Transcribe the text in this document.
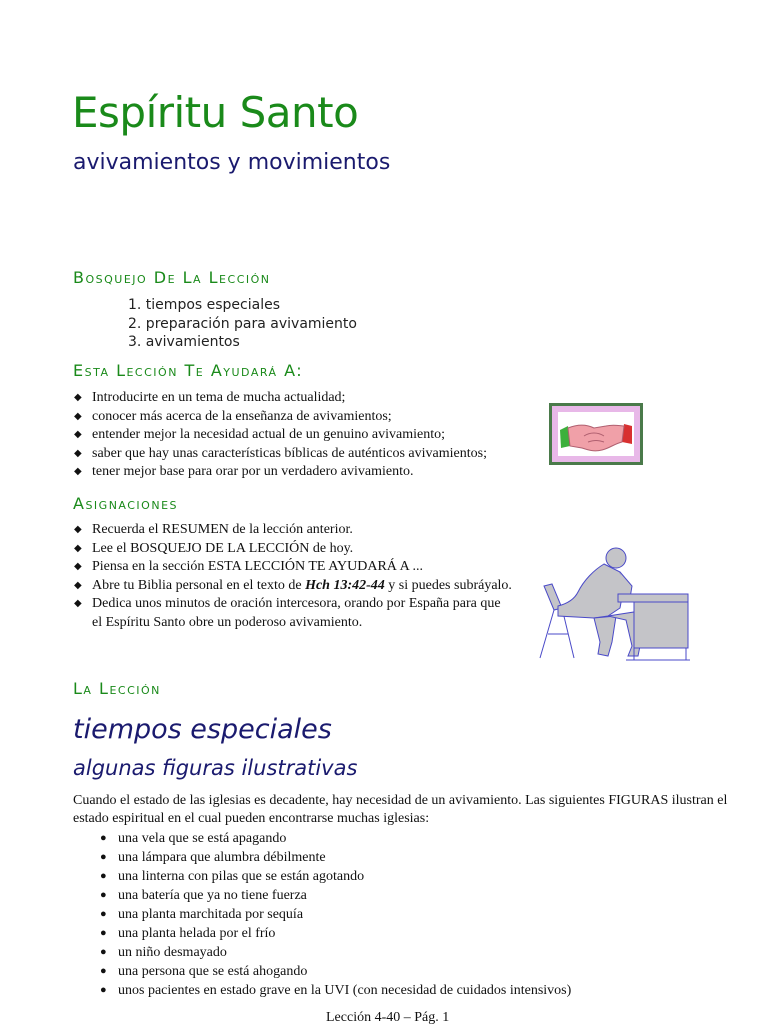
Espíritu Santo
avivamientos y movimientos
Bosquejo De La Lección
1. tiempos especiales
2. preparación para avivamiento
3. avivamientos
Esta Lección Te Ayudará A:
◆ Introducirte en un tema de mucha actualidad;
◆ conocer más acerca de la enseñanza de avivamientos;
◆ entender mejor la necesidad actual de un genuino avivamiento;
◆ saber que hay unas características bíblicas de auténticos avivamientos;
◆ tener mejor base para orar por un verdadero avivamiento.
Asignaciones
◆ Recuerda el RESUMEN de la lección anterior.
◆ Lee el BOSQUEJO DE LA LECCIÓN de hoy.
◆ Piensa en la sección ESTA LECCIÓN TE AYUDARÁ A ...
◆ Abre tu Biblia personal en el texto de Hch 13:42-44 y si puedes subráyalo.
◆ Dedica unos minutos de oración intercesora, orando por España para que el Espíritu Santo obre un poderoso avivamiento.
La Lección
tiempos especiales
algunas figuras ilustrativas
Cuando el estado de las iglesias es decadente, hay necesidad de un avivamiento. Las siguientes FIGURAS ilustran el estado espiritual en el cual pueden encontrarse muchas iglesias:
● una vela que se está apagando
● una lámpara que alumbra débilmente
● una linterna con pilas que se están agotando
● una batería que ya no tiene fuerza
● una planta marchitada por sequía
● una planta helada por el frío
● un niño desmayado
● una persona que se está ahogando
● unos pacientes en estado grave en la UVI (con necesidad de cuidados intensivos)
Lección 4-40 – Pág. 1
